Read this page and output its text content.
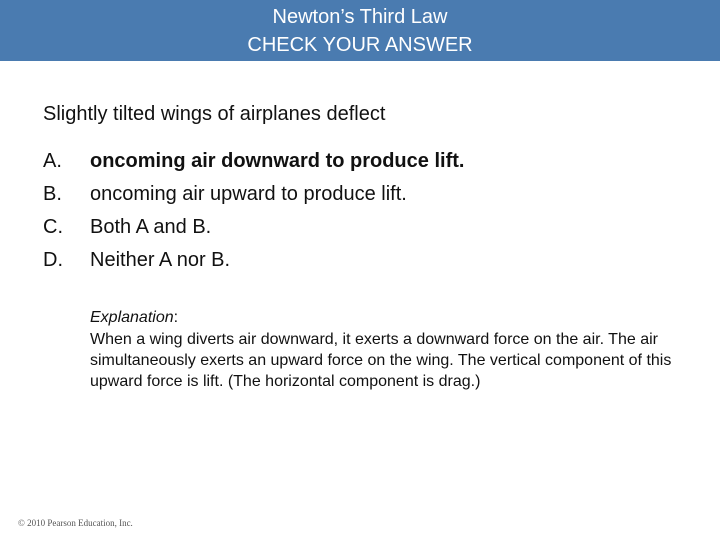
Newton’s Third Law
CHECK YOUR ANSWER
Slightly tilted wings of airplanes deflect
A.	oncoming air downward to produce lift.
B.	oncoming air upward to produce lift.
C.	Both A and B.
D.	Neither A nor B.
Explanation:
When a wing diverts air downward, it exerts a downward force on the air. The air simultaneously exerts an upward force on the wing. The vertical component of this upward force is lift. (The horizontal component is drag.)
© 2010 Pearson Education, Inc.
